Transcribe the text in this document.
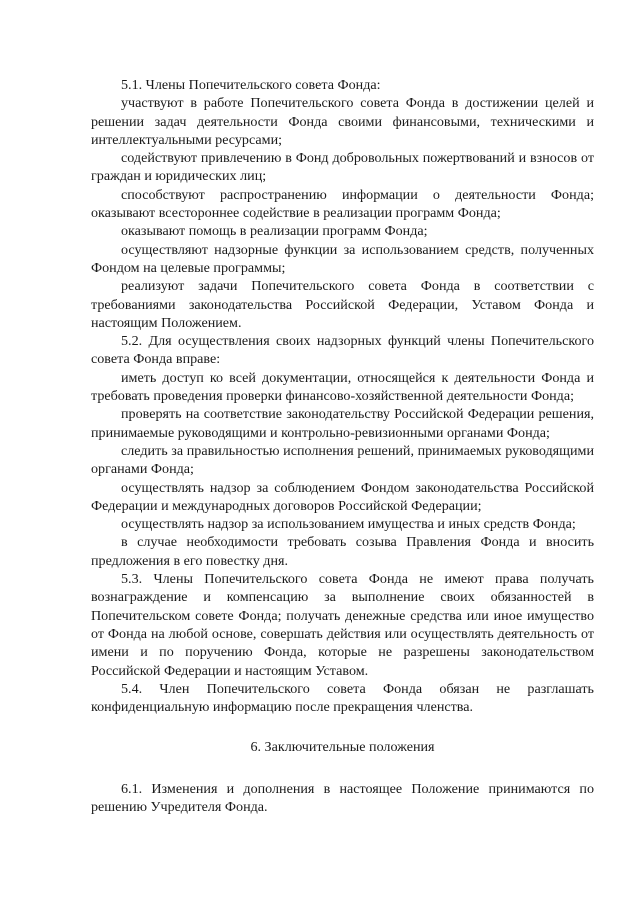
5.1. Члены Попечительского совета Фонда:

участвуют в работе Попечительского совета Фонда в достижении целей и решении задач деятельности Фонда своими финансовыми, техническими и интеллектуальными ресурсами;

содействуют привлечению в Фонд добровольных пожертвований и взносов от граждан и юридических лиц;

способствуют распространению информации о деятельности Фонда; оказывают всестороннее содействие в реализации программ Фонда;

оказывают помощь в реализации программ Фонда;

осуществляют надзорные функции за использованием средств, полученных Фондом на целевые программы;

реализуют задачи Попечительского совета Фонда в соответствии с требованиями законодательства Российской Федерации, Уставом Фонда и настоящим Положением.

5.2. Для осуществления своих надзорных функций члены Попечительского совета Фонда вправе:

иметь доступ ко всей документации, относящейся к деятельности Фонда и требовать проведения проверки финансово-хозяйственной деятельности Фонда;

проверять на соответствие законодательству Российской Федерации решения, принимаемые руководящими и контрольно-ревизионными органами Фонда;

следить за правильностью исполнения решений, принимаемых руководящими органами Фонда;

осуществлять надзор за соблюдением Фондом законодательства Российской Федерации и международных договоров Российской Федерации;

осуществлять надзор за использованием имущества и иных средств Фонда;

в случае необходимости требовать созыва Правления Фонда и вносить предложения в его повестку дня.

5.3. Члены Попечительского совета Фонда не имеют права получать вознаграждение и компенсацию за выполнение своих обязанностей в Попечительском совете Фонда; получать денежные средства или иное имущество от Фонда на любой основе, совершать действия или осуществлять деятельность от имени и по поручению Фонда, которые не разрешены законодательством Российской Федерации и настоящим Уставом.

5.4. Член Попечительского совета Фонда обязан не разглашать конфиденциальную информацию после прекращения членства.

6. Заключительные положения

6.1. Изменения и дополнения в настоящее Положение принимаются по решению Учредителя Фонда.
